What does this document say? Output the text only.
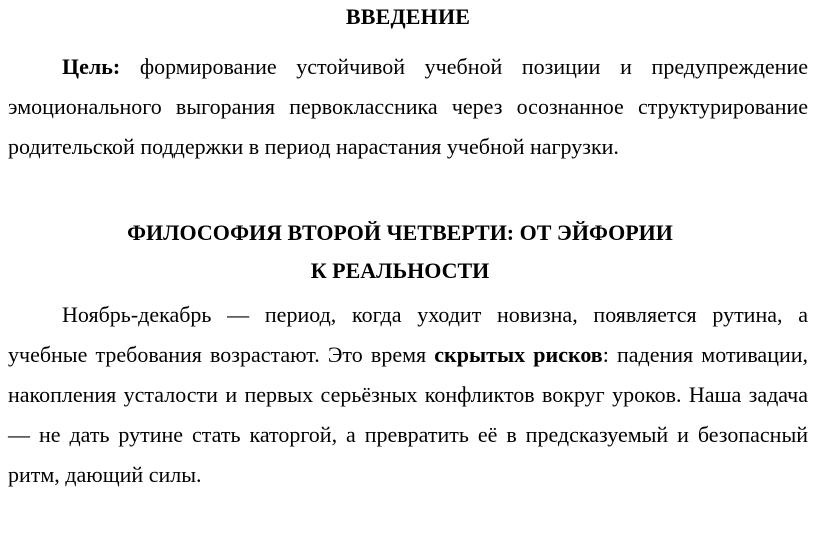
ВВЕДЕНИЕ

Цель: формирование устойчивой учебной позиции и предупреждение эмоционального выгорания первоклассника через осознанное структурирование родительской поддержки в период нарастания учебной нагрузки.

ФИЛОСОФИЯ ВТОРОЙ ЧЕТВЕРТИ: ОТ ЭЙФОРИИ К РЕАЛЬНОСТИ

Ноябрь-декабрь — период, когда уходит новизна, появляется рутина, а учебные требования возрастают. Это время скрытых рисков: падения мотивации, накопления усталости и первых серьёзных конфликтов вокруг уроков. Наша задача — не дать рутине стать каторгой, а превратить её в предсказуемый и безопасный ритм, дающий силы.
